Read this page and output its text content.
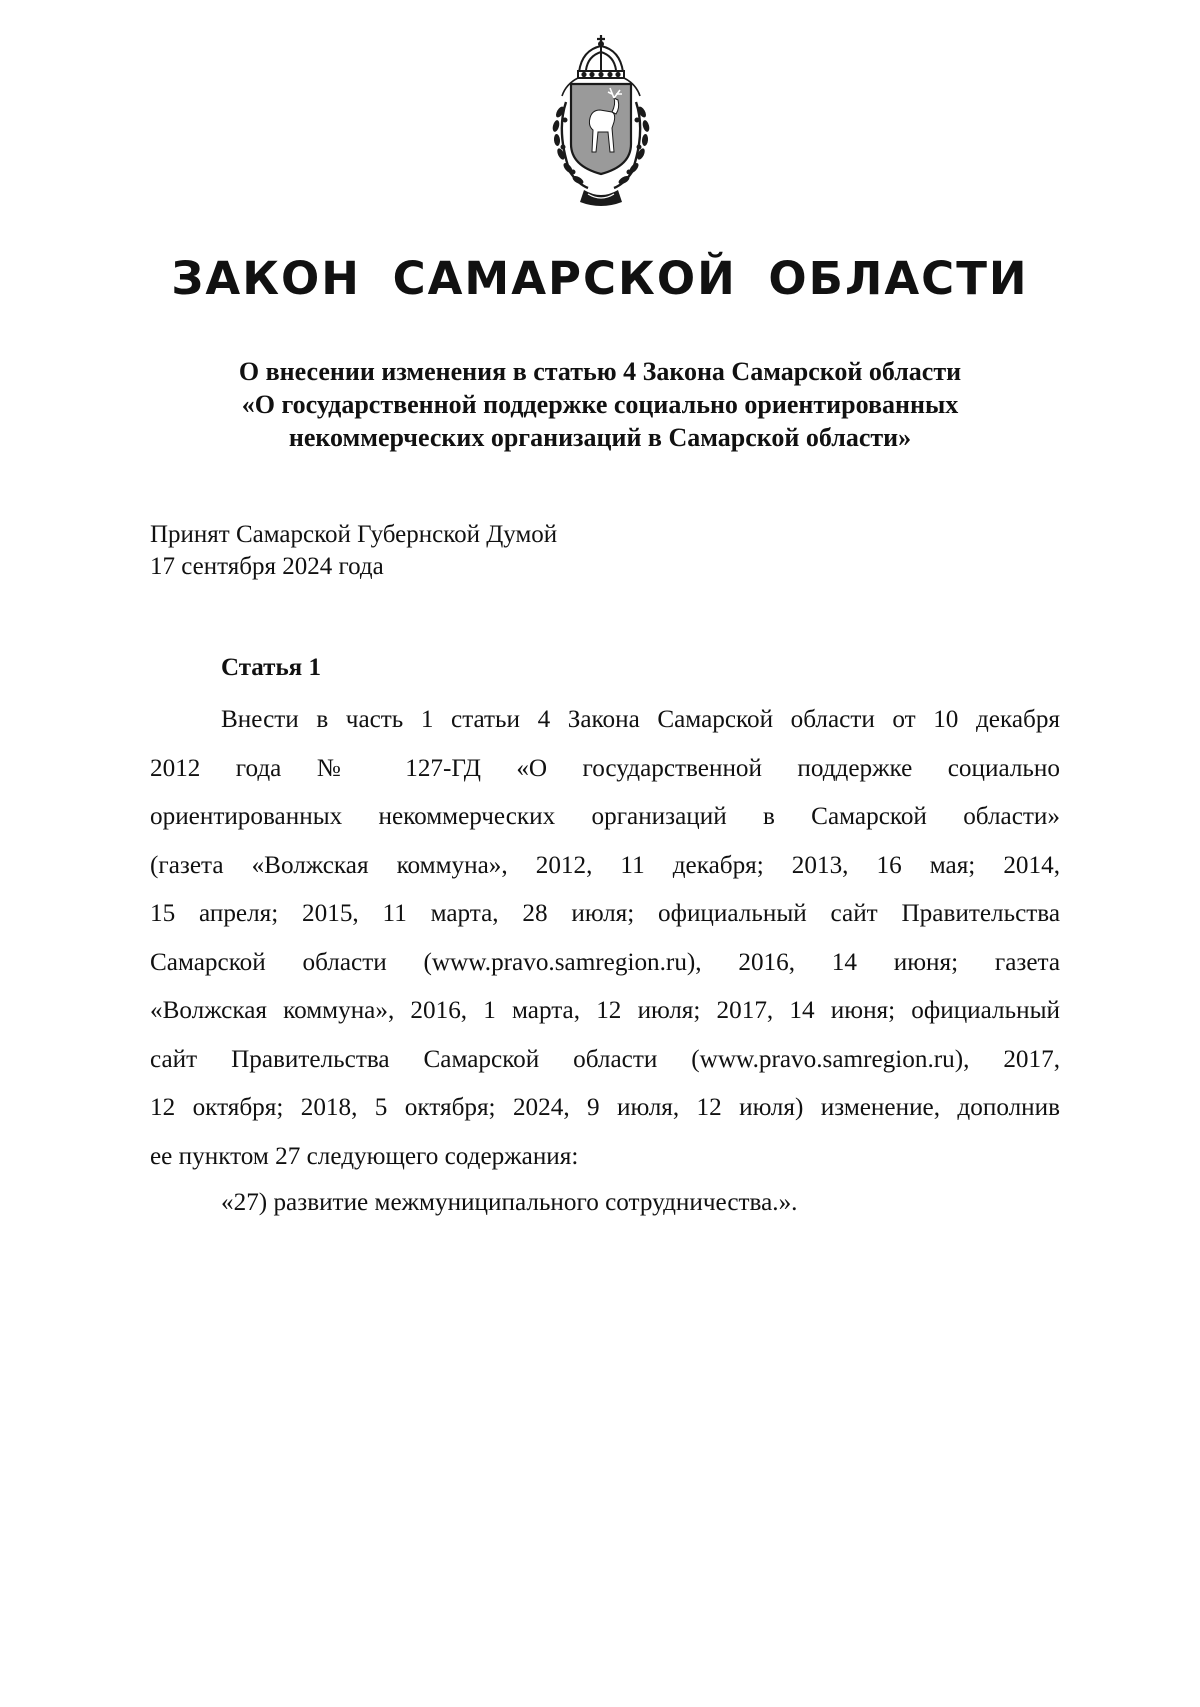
ЗАКОН САМАРСКОЙ ОБЛАСТИ
О внесении изменения в статью 4 Закона Самарской области
«О государственной поддержке социально ориентированных
некоммерческих организаций в Самарской области»
Принят Самарской Губернской Думой
17 сентября 2024 года
Статья 1
Внести в часть 1 статьи 4 Закона Самарской области от 10 декабря
2012 года № 127-ГД «О государственной поддержке социально
ориентированных некоммерческих организаций в Самарской области»
(газета «Волжская коммуна», 2012, 11 декабря; 2013, 16 мая; 2014,
15 апреля; 2015, 11 марта, 28 июля; официальный сайт Правительства
Самарской области (www.pravo.samregion.ru), 2016, 14 июня; газета
«Волжская коммуна», 2016, 1 марта, 12 июля; 2017, 14 июня; официальный
сайт Правительства Самарской области (www.pravo.samregion.ru), 2017,
12 октября; 2018, 5 октября; 2024, 9 июля, 12 июля) изменение, дополнив
ее пунктом 27 следующего содержания:
«27) развитие межмуниципального сотрудничества.».
